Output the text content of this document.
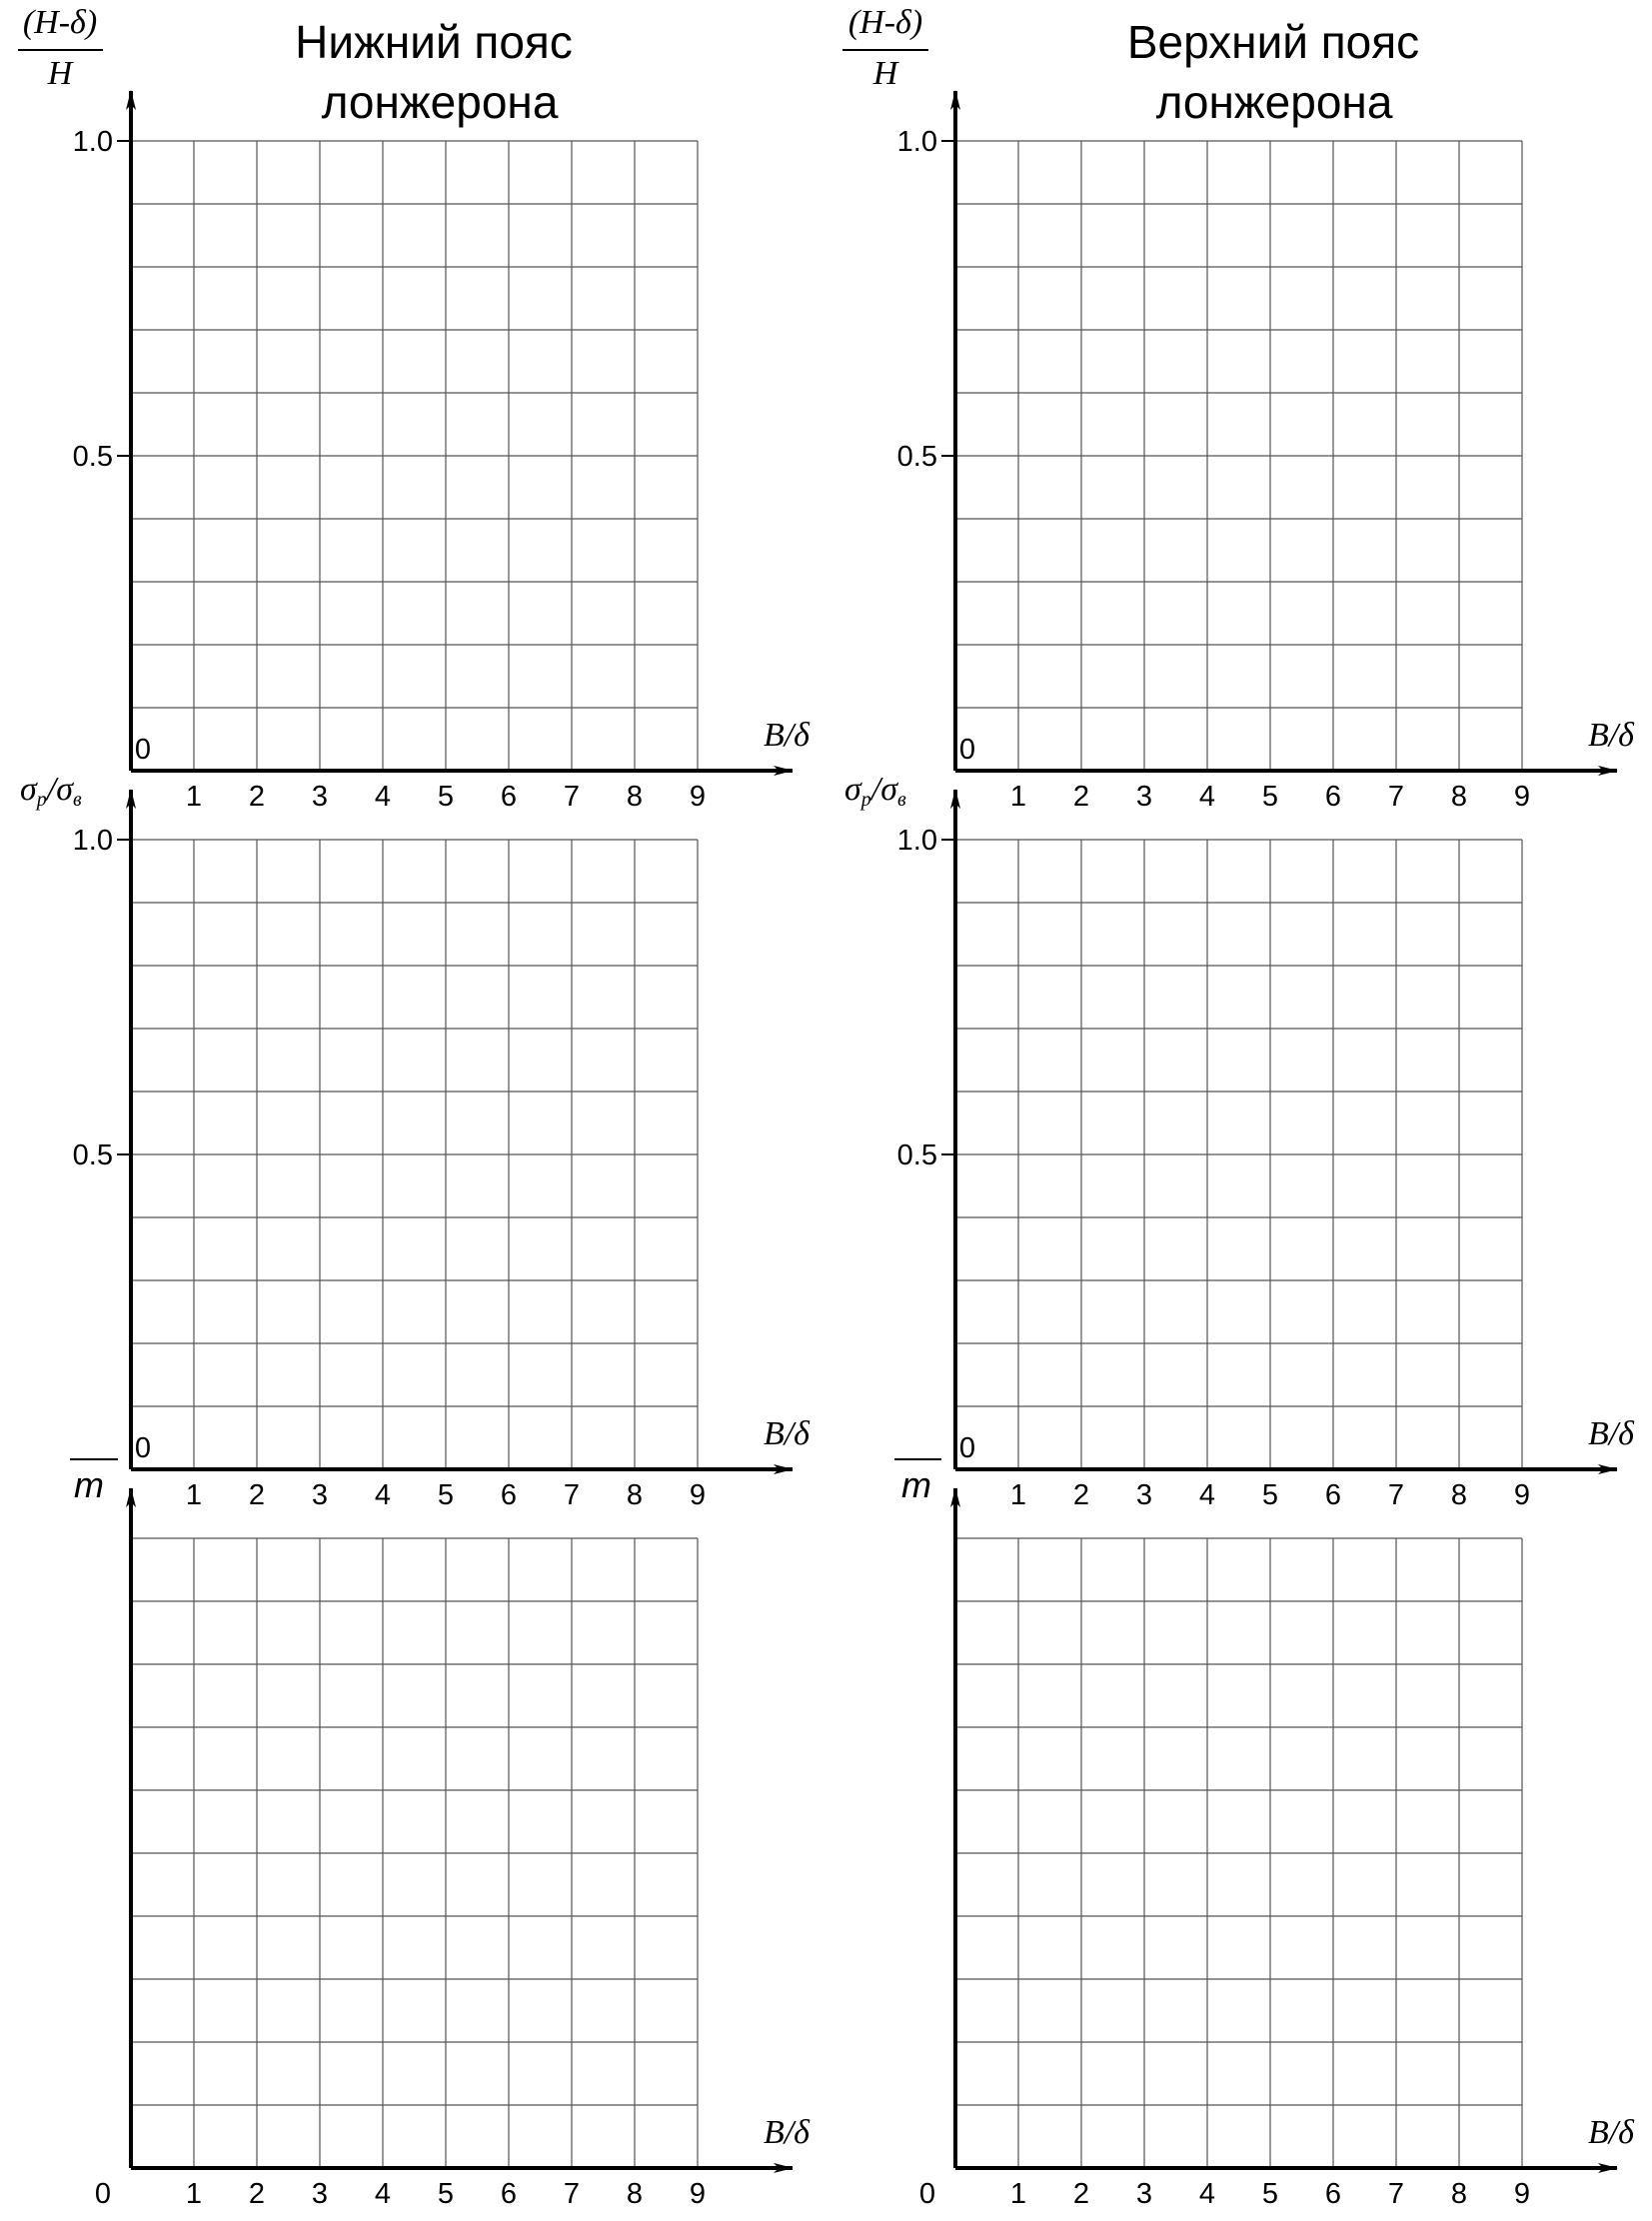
Нижний пояс
лонжерона
Верхний пояс
лонжерона
(H-δ)
H
(H-δ)
H
σр/σв	σр/σв
m	m
1 2 3 4 5 6 7 8 9
1.0
0.5
0	B/δ
1 2 3 4 5 6 7 8 9
1.0
0.5
0	B/δ
1 2 3 4 5 6 7 8 9
1.0
0.5
0	B/δ
1 2 3 4 5 6 7 8 9
1.0
0.5
0	B/δ
1 2 3 4 5 6 7 8 9
0
B/δ
1 2 3 4 5 6 7 8 9
0
B/δ
